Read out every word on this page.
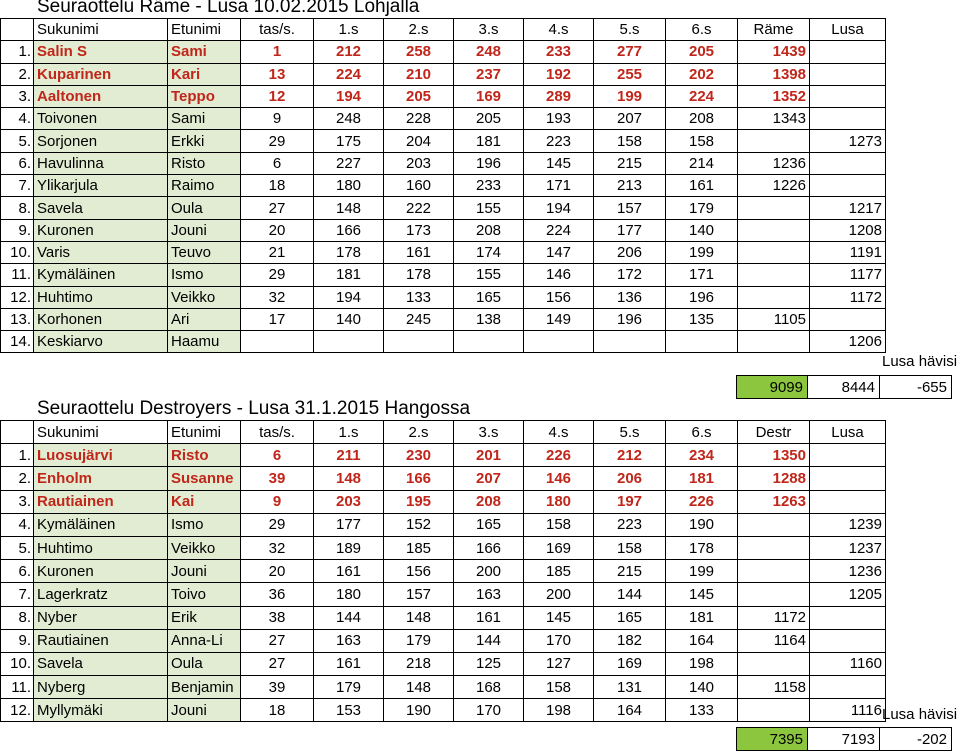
Seuraottelu Räme - Lusa 10.02.2015 Lohjalla
	Sukunimi	Etunimi	tas/s.	1.s	2.s	3.s	4.s	5.s	6.s	Räme	Lusa
1.	Salin S	Sami	1	212	258	248	233	277	205	1439	
2.	Kuparinen	Kari	13	224	210	237	192	255	202	1398	
3.	Aaltonen	Teppo	12	194	205	169	289	199	224	1352	
4.	Toivonen	Sami	9	248	228	205	193	207	208	1343	
5.	Sorjonen	Erkki	29	175	204	181	223	158	158		1273
6.	Havulinna	Risto	6	227	203	196	145	215	214	1236	
7.	Ylikarjula	Raimo	18	180	160	233	171	213	161	1226	
8.	Savela	Oula	27	148	222	155	194	157	179		1217
9.	Kuronen	Jouni	20	166	173	208	224	177	140		1208
10.	Varis	Teuvo	21	178	161	174	147	206	199		1191
11.	Kymäläinen	Ismo	29	181	178	155	146	172	171		1177
12.	Huhtimo	Veikko	32	194	133	165	156	136	196		1172
13.	Korhonen	Ari	17	140	245	138	149	196	135	1105	
14.	Keskiarvo	Haamu									1206
Lusa hävisi
9099	8444	-655
Seuraottelu Destroyers - Lusa 31.1.2015 Hangossa
	Sukunimi	Etunimi	tas/s.	1.s	2.s	3.s	4.s	5.s	6.s	Destr	Lusa
1.	Luosujärvi	Risto	6	211	230	201	226	212	234	1350	
2.	Enholm	Susanne	39	148	166	207	146	206	181	1288	
3.	Rautiainen	Kai	9	203	195	208	180	197	226	1263	
4.	Kymäläinen	Ismo	29	177	152	165	158	223	190		1239
5.	Huhtimo	Veikko	32	189	185	166	169	158	178		1237
6.	Kuronen	Jouni	20	161	156	200	185	215	199		1236
7.	Lagerkratz	Toivo	36	180	157	163	200	144	145		1205
8.	Nyber	Erik	38	144	148	161	145	165	181	1172	
9.	Rautiainen	Anna-Li	27	163	179	144	170	182	164	1164	
10.	Savela	Oula	27	161	218	125	127	169	198		1160
11.	Nyberg	Benjamin	39	179	148	168	158	131	140	1158	
12.	Myllymäki	Jouni	18	153	190	170	198	164	133		1116 Lusa hävisi
7395	7193	-202
